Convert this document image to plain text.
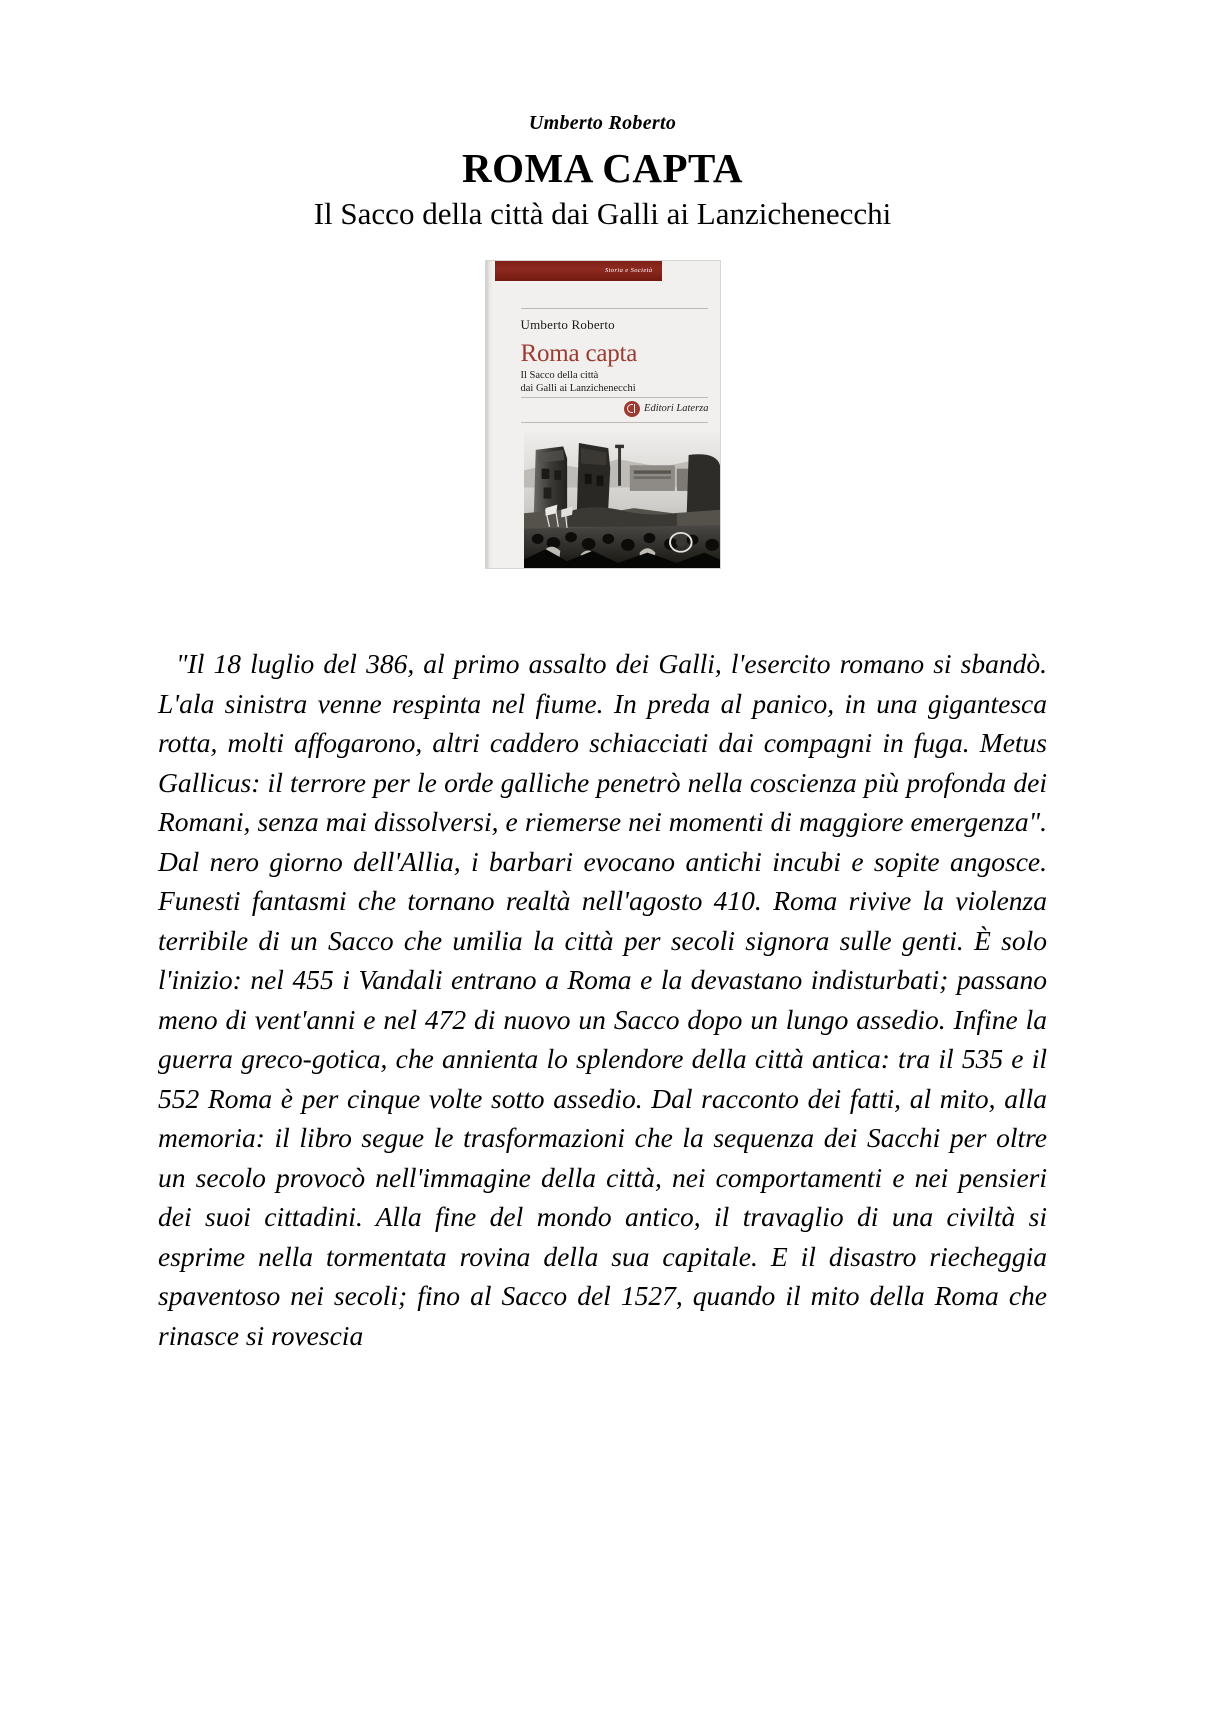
Umberto Roberto
ROMA CAPTA
Il Sacco della città dai Galli ai Lanzichenecchi
Storia e Società
Umberto Roberto
Roma capta
Il Sacco della città
dai Galli ai Lanzichenecchi
Editori Laterza

"Il 18 luglio del 386, al primo assalto dei Galli, l'esercito romano si sbandò. L'ala sinistra venne respinta nel fiume. In preda al panico, in una gigantesca rotta, molti affogarono, altri caddero schiacciati dai compagni in fuga. Metus Gallicus: il terrore per le orde galliche penetrò nella coscienza più profonda dei Romani, senza mai dissolversi, e riemerse nei momenti di maggiore emergenza". Dal nero giorno dell'Allia, i barbari evocano antichi incubi e sopite angosce. Funesti fantasmi che tornano realtà nell'agosto 410. Roma rivive la violenza terribile di un Sacco che umilia la città per secoli signora sulle genti. È solo l'inizio: nel 455 i Vandali entrano a Roma e la devastano indisturbati; passano meno di vent'anni e nel 472 di nuovo un Sacco dopo un lungo assedio. Infine la guerra greco-gotica, che annienta lo splendore della città antica: tra il 535 e il 552 Roma è per cinque volte sotto assedio. Dal racconto dei fatti, al mito, alla memoria: il libro segue le trasformazioni che la sequenza dei Sacchi per oltre un secolo provocò nell'immagine della città, nei comportamenti e nei pensieri dei suoi cittadini. Alla fine del mondo antico, il travaglio di una civiltà si esprime nella tormentata rovina della sua capitale. E il disastro riecheggia spaventoso nei secoli; fino al Sacco del 1527, quando il mito della Roma che rinasce si rovescia
